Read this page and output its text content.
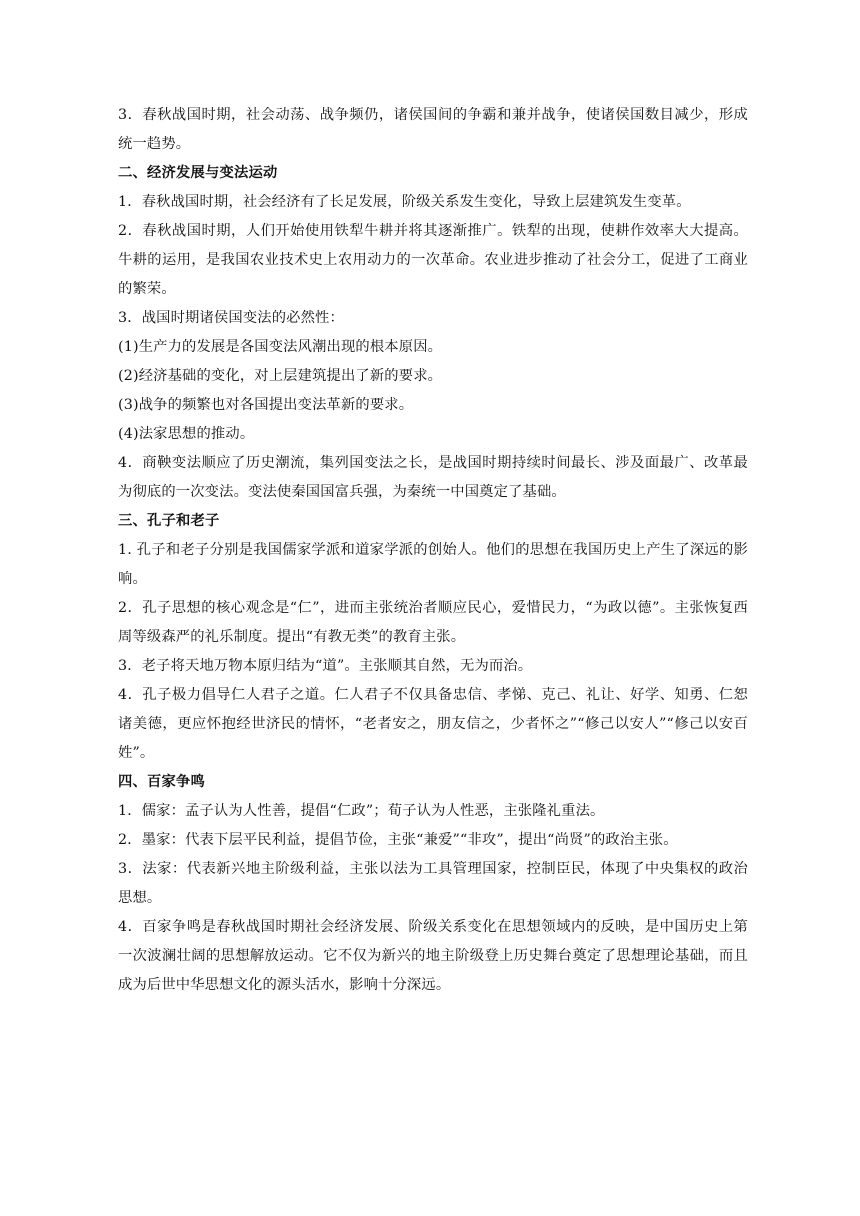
3．春秋战国时期，社会动荡、战争频仍，诸侯国间的争霸和兼并战争，使诸侯国数目减少，形成统一趋势。

二、经济发展与变法运动

1．春秋战国时期，社会经济有了长足发展，阶级关系发生变化，导致上层建筑发生变革。

2．春秋战国时期，人们开始使用铁犁牛耕并将其逐渐推广。铁犁的出现，使耕作效率大大提高。牛耕的运用，是我国农业技术史上农用动力的一次革命。农业进步推动了社会分工，促进了工商业的繁荣。

3．战国时期诸侯国变法的必然性：

(1)生产力的发展是各国变法风潮出现的根本原因。

(2)经济基础的变化，对上层建筑提出了新的要求。

(3)战争的频繁也对各国提出变法革新的要求。

(4)法家思想的推动。

4．商鞅变法顺应了历史潮流，集列国变法之长，是战国时期持续时间最长、涉及面最广、改革最为彻底的一次变法。变法使秦国国富兵强，为秦统一中国奠定了基础。

三、孔子和老子

1. 孔子和老子分别是我国儒家学派和道家学派的创始人。他们的思想在我国历史上产生了深远的影响。

2．孔子思想的核心观念是“仁”，进而主张统治者顺应民心，爱惜民力，“为政以德”。主张恢复西周等级森严的礼乐制度。提出“有教无类”的教育主张。

3．老子将天地万物本原归结为“道”。主张顺其自然，无为而治。

4．孔子极力倡导仁人君子之道。仁人君子不仅具备忠信、孝悌、克己、礼让、好学、知勇、仁恕诸美德，更应怀抱经世济民的情怀，“老者安之，朋友信之，少者怀之”“修己以安人”“修己以安百姓”。

四、百家争鸣

1．儒家：孟子认为人性善，提倡“仁政”；荀子认为人性恶，主张隆礼重法。

2．墨家：代表下层平民利益，提倡节俭，主张“兼爱”“非攻”，提出“尚贤”的政治主张。

3．法家：代表新兴地主阶级利益，主张以法为工具管理国家，控制臣民，体现了中央集权的政治思想。

4．百家争鸣是春秋战国时期社会经济发展、阶级关系变化在思想领域内的反映，是中国历史上第一次波澜壮阔的思想解放运动。它不仅为新兴的地主阶级登上历史舞台奠定了思想理论基础，而且成为后世中华思想文化的源头活水，影响十分深远。
